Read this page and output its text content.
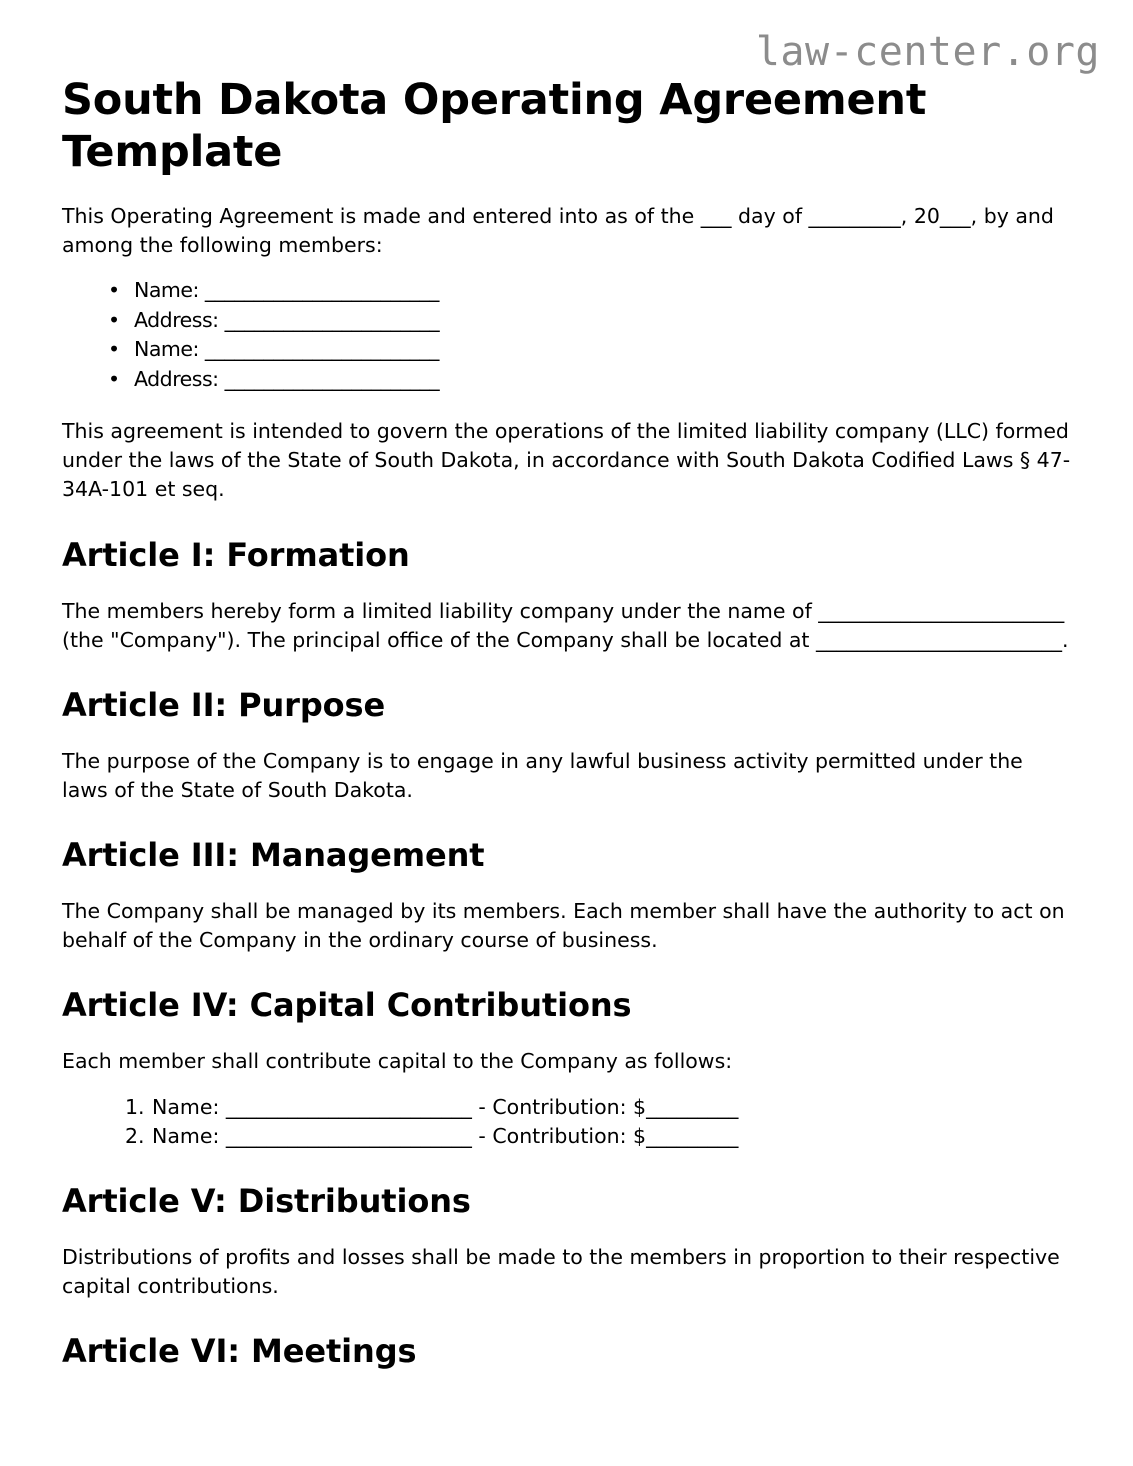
law-center.org
South Dakota Operating Agreement Template

This Operating Agreement is made and entered into as of the ___ day of _________, 20___, by and among the following members:

• Name: ________________________
• Address: ______________________
• Name: ________________________
• Address: ______________________

This agreement is intended to govern the operations of the limited liability company (LLC) formed under the laws of the State of South Dakota, in accordance with South Dakota Codified Laws § 47-34A-101 et seq.

Article I: Formation

The members hereby form a limited liability company under the name of ________________________ (the "Company"). The principal office of the Company shall be located at ________________________.

Article II: Purpose

The purpose of the Company is to engage in any lawful business activity permitted under the laws of the State of South Dakota.

Article III: Management

The Company shall be managed by its members. Each member shall have the authority to act on behalf of the Company in the ordinary course of business.

Article IV: Capital Contributions

Each member shall contribute capital to the Company as follows:

Name: ________________________ - Contribution: $_________
Name: ________________________ - Contribution: $_________
Article V: Distributions

Distributions of profits and losses shall be made to the members in proportion to their respective capital contributions.

Article VI: Meetings
